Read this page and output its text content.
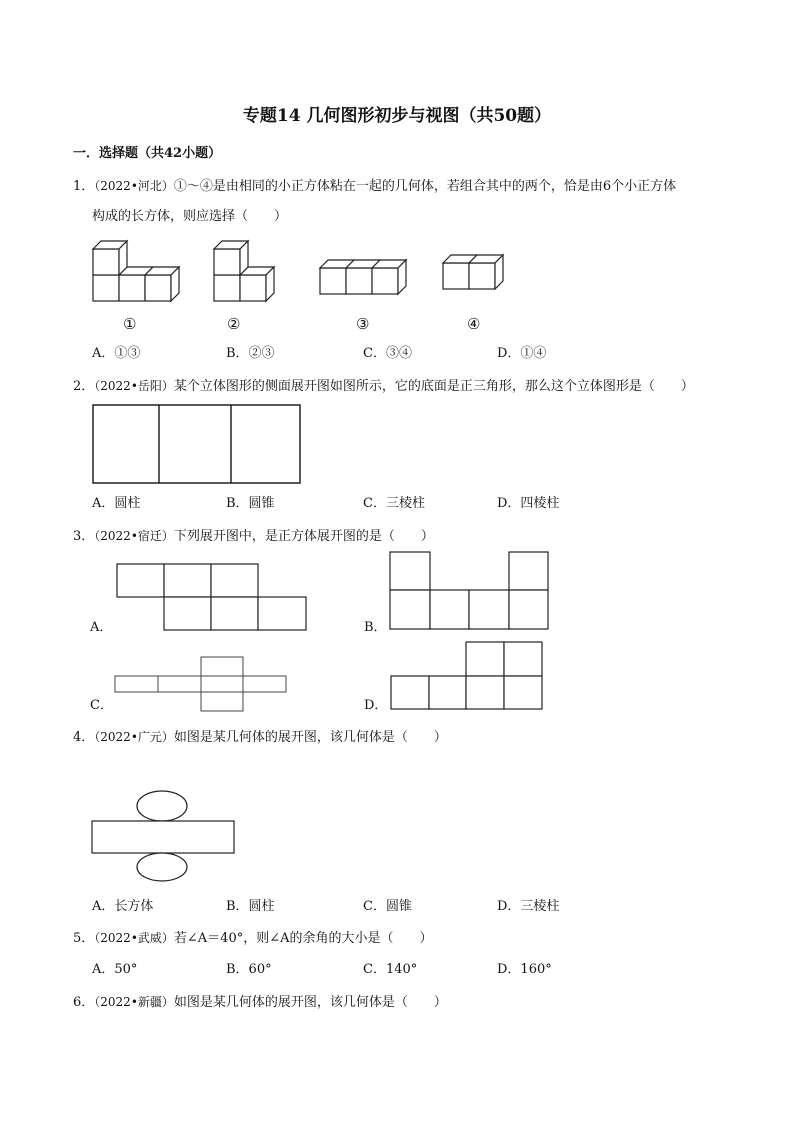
专题14 几何图形初步与视图（共50题）
一．选择题（共42小题）
1．（2022•河北）①～④是由相同的小正方体粘在一起的几何体，若组合其中的两个，恰是由6个小正方体
构成的长方体，则应选择（　　）
①	②	③	④
A．①③	B．②③	C．③④	D．①④
2．（2022•岳阳）某个立体图形的侧面展开图如图所示，它的底面是正三角形，那么这个立体图形是（　　）
A．圆柱	B．圆锥	C．三棱柱	D．四棱柱
3．（2022•宿迁）下列展开图中，是正方体展开图的是（　　）
A．	B．
C．	D．
4．（2022•广元）如图是某几何体的展开图，该几何体是（　　）
A．长方体	B．圆柱	C．圆锥	D．三棱柱
5．（2022•武威）若∠A＝40°，则∠A的余角的大小是（　　）
A．50°	B．60°	C．140°	D．160°
6．（2022•新疆）如图是某几何体的展开图，该几何体是（　　）
